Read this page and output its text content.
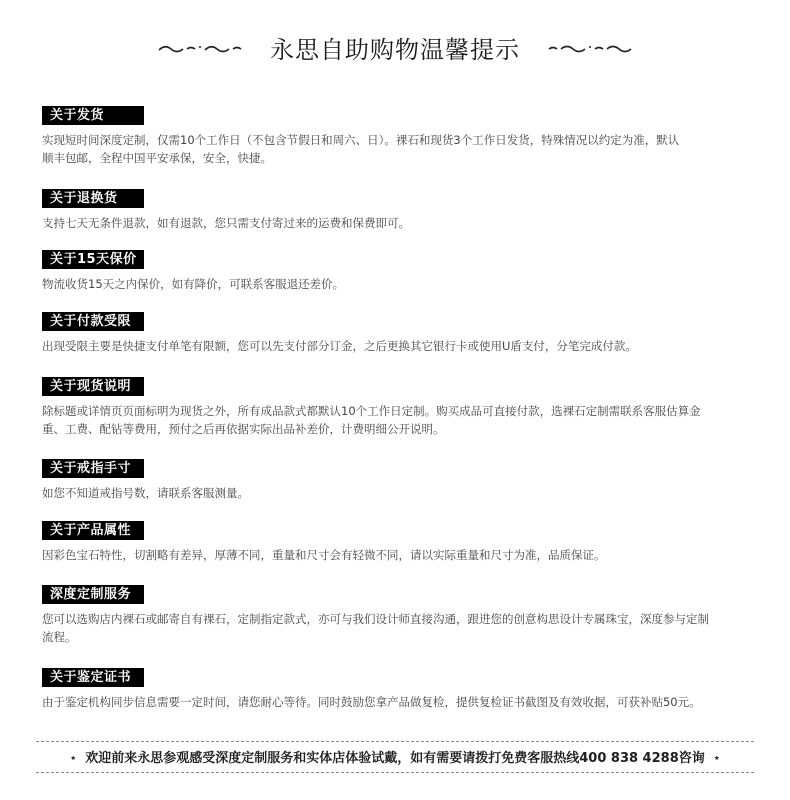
永思自助购物温馨提示
关于发货
实现短时间深度定制，仅需10个工作日（不包含节假日和周六、日）。裸石和现货3个工作日发货，特殊情况以约定为准，默认
顺丰包邮，全程中国平安承保，安全，快捷。
关于退换货
支持七天无条件退款，如有退款，您只需支付寄过来的运费和保费即可。
关于15天保价
物流收货15天之内保价，如有降价，可联系客服退还差价。
关于付款受限
出现受限主要是快捷支付单笔有限额，您可以先支付部分订金，之后更换其它银行卡或使用U盾支付，分笔完成付款。
关于现货说明
除标题或详情页页面标明为现货之外，所有成品款式都默认10个工作日定制。购买成品可直接付款，选裸石定制需联系客服估算金
重、工费、配钻等费用，预付之后再依据实际出品补差价，计费明细公开说明。
关于戒指手寸
如您不知道戒指号数，请联系客服测量。
关于产品属性
因彩色宝石特性，切割略有差异，厚薄不同，重量和尺寸会有轻微不同，请以实际重量和尺寸为准，品质保证。
深度定制服务
您可以选购店内裸石或邮寄自有裸石，定制指定款式，亦可与我们设计师直接沟通，跟进您的创意构思设计专属珠宝，深度参与定制
流程。
关于鉴定证书
由于鉴定机构同步信息需要一定时间，请您耐心等待。同时鼓励您拿产品做复检，提供复检证书截图及有效收据，可获补贴50元。
⋆ 欢迎前来永思参观感受深度定制服务和实体店体验试戴，如有需要请拨打免费客服热线400 838 4288咨询 ⋆
